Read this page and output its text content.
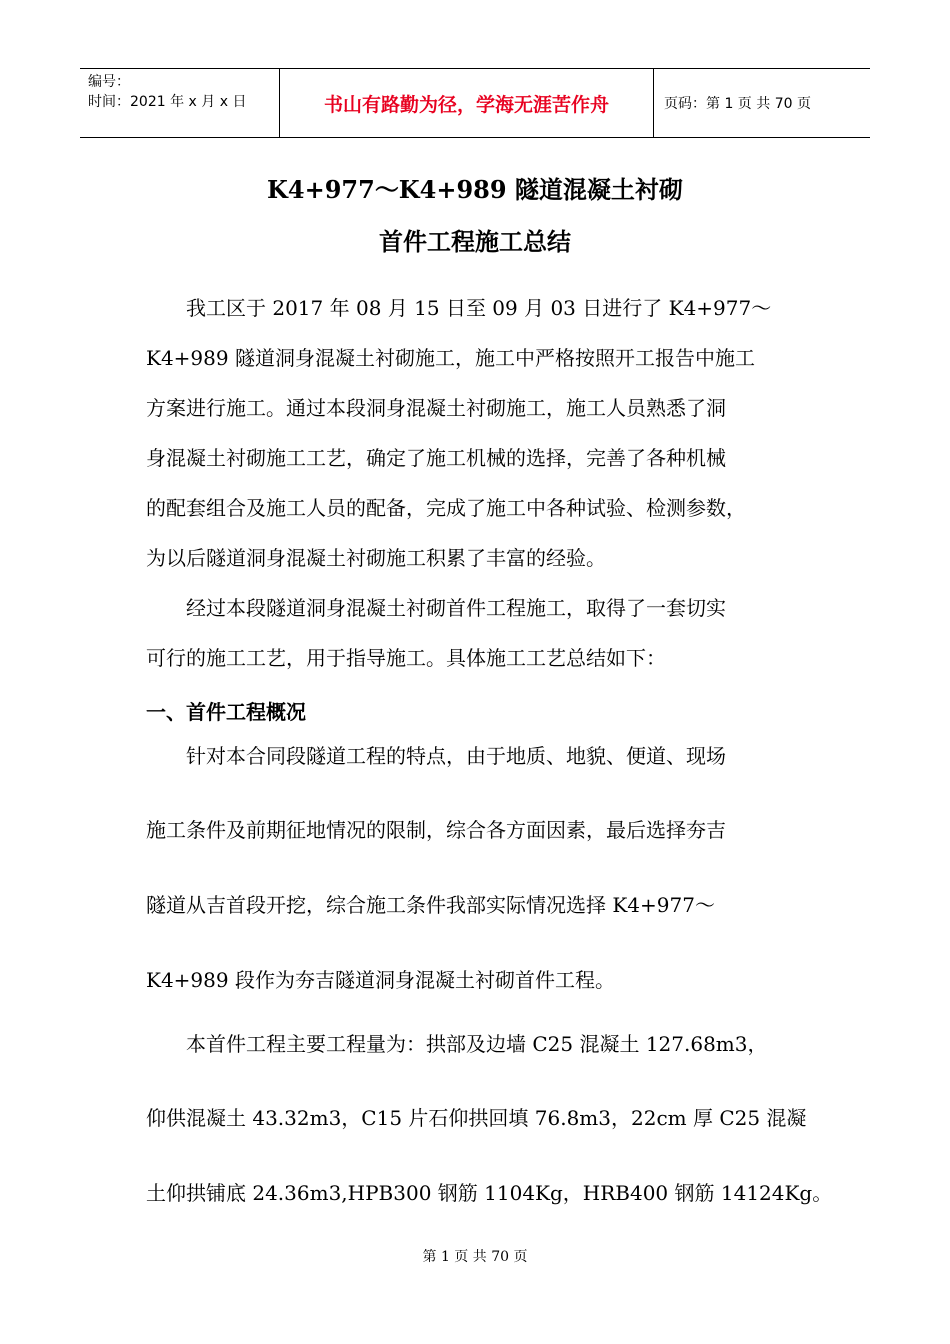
编号：
时间：2021 年 x 月 x 日	书山有路勤为径，学海无涯苦作舟	页码：第 1 页 共 70 页
K4+977～K4+989 隧道混凝土衬砌
首件工程施工总结
　　我工区于 2017 年 08 月 15 日至 09 月 03 日进行了 K4+977～
K4+989 隧道洞身混凝土衬砌施工，施工中严格按照开工报告中施工
方案进行施工。通过本段洞身混凝土衬砌施工，施工人员熟悉了洞
身混凝土衬砌施工工艺，确定了施工机械的选择，完善了各种机械
的配套组合及施工人员的配备，完成了施工中各种试验、检测参数，
为以后隧道洞身混凝土衬砌施工积累了丰富的经验。
　　经过本段隧道洞身混凝土衬砌首件工程施工，取得了一套切实
可行的施工工艺，用于指导施工。具体施工工艺总结如下：
一、首件工程概况
　　针对本合同段隧道工程的特点，由于地质、地貌、便道、现场
施工条件及前期征地情况的限制，综合各方面因素，最后选择夯吉
隧道从吉首段开挖，综合施工条件我部实际情况选择 K4+977～
K4+989 段作为夯吉隧道洞身混凝土衬砌首件工程。
　　本首件工程主要工程量为：拱部及边墙 C25 混凝土 127.68m3，
仰供混凝土 43.32m3，C15 片石仰拱回填 76.8m3，22cm 厚 C25 混凝
土仰拱铺底 24.36m3,HPB300 钢筋 1104Kg，HRB400 钢筋 14124Kg。
第 1 页 共 70 页
